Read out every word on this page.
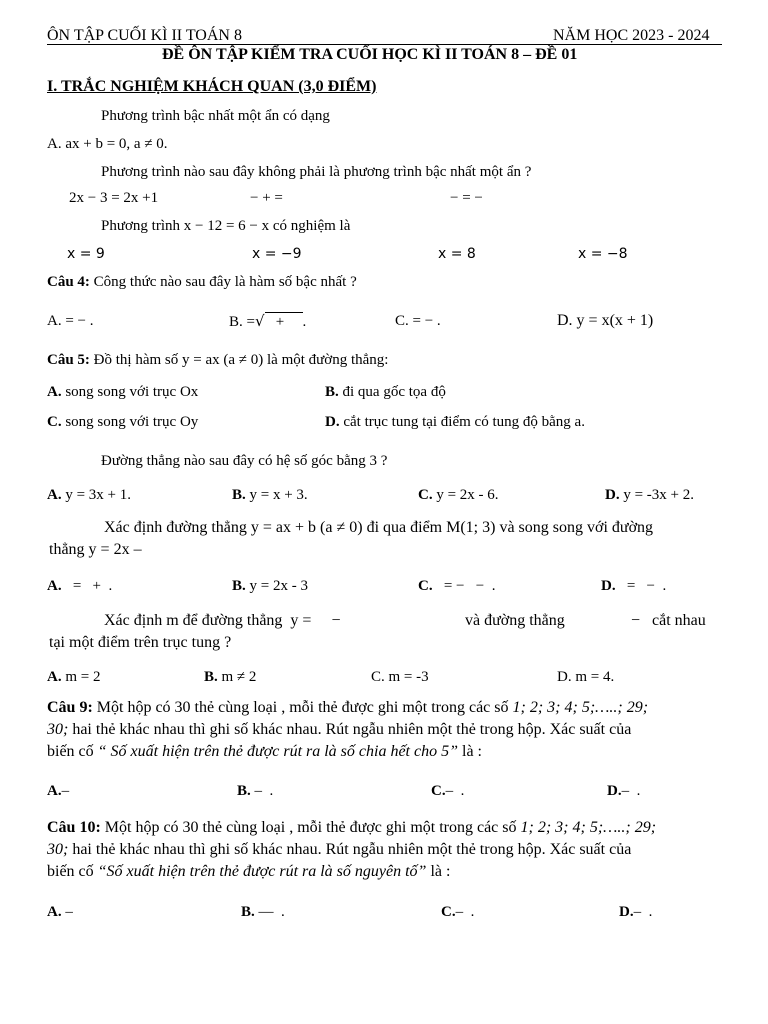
ÔN TẬP CUỐI KÌ II TOÁN 8	NĂM HỌC 2023 - 2024
ĐỀ ÔN TẬP KIỂM TRA CUỐI HỌC KÌ II TOÁN 8 – ĐỀ 01
I. TRẮC NGHIỆM KHÁCH QUAN (3,0 ĐIỂM)
Phương trình bậc nhất một ẩn có dạng
A. ax + b = 0, a ≠ 0.
Phương trình nào sau đây không phải là phương trình bậc nhất một ẩn ?
2x − 3 = 2x +1	− + =	− = −
Phương trình x − 12 = 6 − x có nghiệm là
x = 9	x = −9	x = 8	x = −8
Câu 4: Công thức nào sau đây là hàm số bậc nhất ?
A. = − .	B. =√   +  .	C. = − .	D. y = x(x + 1)
Câu 5: Đồ thị hàm số y = ax (a ≠ 0) là một đường thẳng:
A. song song với trục Ox	B. đi qua gốc tọa độ
C. song song với trục Oy	D. cắt trục tung tại điểm có tung độ bằng a.
Đường thẳng nào sau đây có hệ số góc bằng 3 ?
A. y = 3x + 1.	B. y = x + 3.	C. y = 2x - 6.	D. y = -3x + 2.
Xác định đường thẳng y = ax + b (a ≠ 0) đi qua điểm M(1; 3) và song song với đường
thẳng y = 2x –
A.   =   +  .	B. y = 2x - 3	C.   = −   −  .	D.   =   −  .
Xác định m để đường thẳng  y =     −	và đường thẳng	−   cắt nhau
tại một điểm trên trục tung ?
A. m = 2	B. m ≠ 2	C. m = -3	D. m = 4.
Câu 9: Một hộp có 30 thẻ cùng loại , mỗi thẻ được ghi một trong các số 1; 2; 3; 4; 5;…..; 29;
30; hai thẻ khác nhau thì ghi số khác nhau. Rút ngẫu nhiên một thẻ trong hộp. Xác suất của
biến cố “ Số xuất hiện trên thẻ được rút ra là số chia hết cho 5” là :
A.–	B. –  .	C.–  .	D.–  .
Câu 10: Một hộp có 30 thẻ cùng loại , mỗi thẻ được ghi một trong các số 1; 2; 3; 4; 5;…..; 29;
30; hai thẻ khác nhau thì ghi số khác nhau. Rút ngẫu nhiên một thẻ trong hộp. Xác suất của
biến cố “Số xuất hiện trên thẻ được rút ra là số nguyên tố” là :
A. –	B. —  .	C.–  .	D.–  .
